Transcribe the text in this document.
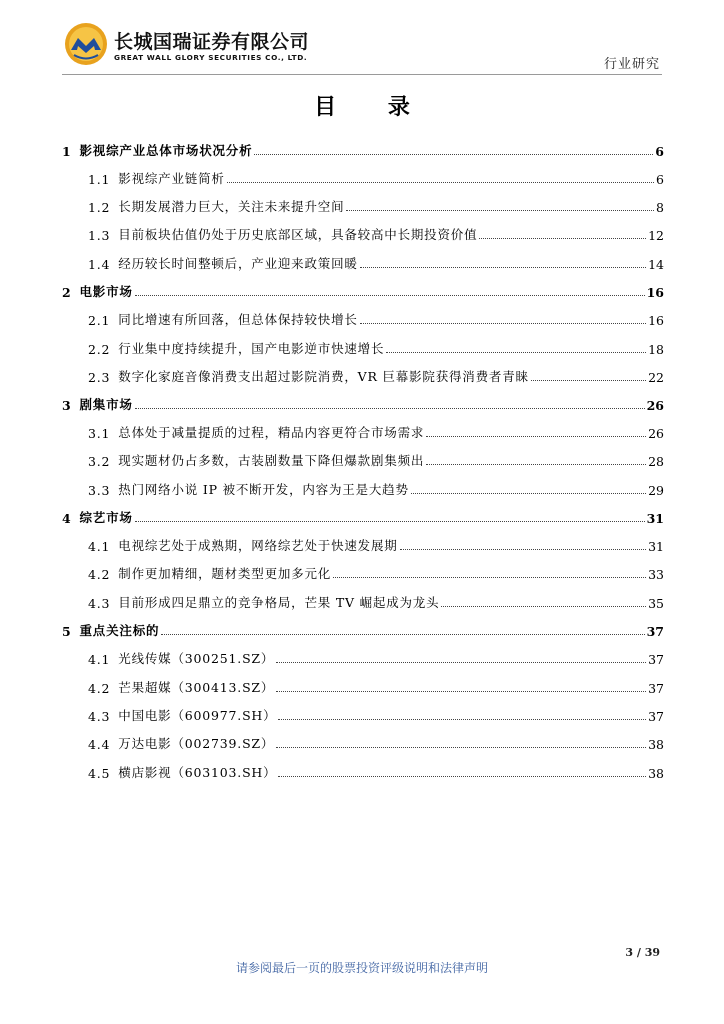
长城国瑞证券有限公司
GREAT WALL GLORY SECURITIES CO., LTD.	行业研究
目 录
1 影视综产业总体市场状况分析	6
1.1 影视综产业链简析	6
1.2 长期发展潜力巨大，关注未来提升空间	8
1.3 目前板块估值仍处于历史底部区域，具备较高中长期投资价值	12
1.4 经历较长时间整顿后，产业迎来政策回暖	14
2 电影市场	16
2.1 同比增速有所回落，但总体保持较快增长	16
2.2 行业集中度持续提升，国产电影逆市快速增长	18
2.3 数字化家庭音像消费支出超过影院消费，VR 巨幕影院获得消费者青睐	22
3 剧集市场	26
3.1 总体处于减量提质的过程，精品内容更符合市场需求	26
3.2 现实题材仍占多数，古装剧数量下降但爆款剧集频出	28
3.3 热门网络小说 IP 被不断开发，内容为王是大趋势	29
4 综艺市场	31
4.1 电视综艺处于成熟期，网络综艺处于快速发展期	31
4.2 制作更加精细，题材类型更加多元化	33
4.3 目前形成四足鼎立的竞争格局，芒果 TV 崛起成为龙头	35
5 重点关注标的	37
4.1 光线传媒（300251.SZ）	37
4.2 芒果超媒（300413.SZ）	37
4.3 中国电影（600977.SH）	37
4.4 万达电影（002739.SZ）	38
4.5 横店影视（603103.SH）	38
3 / 39
请参阅最后一页的股票投资评级说明和法律声明
